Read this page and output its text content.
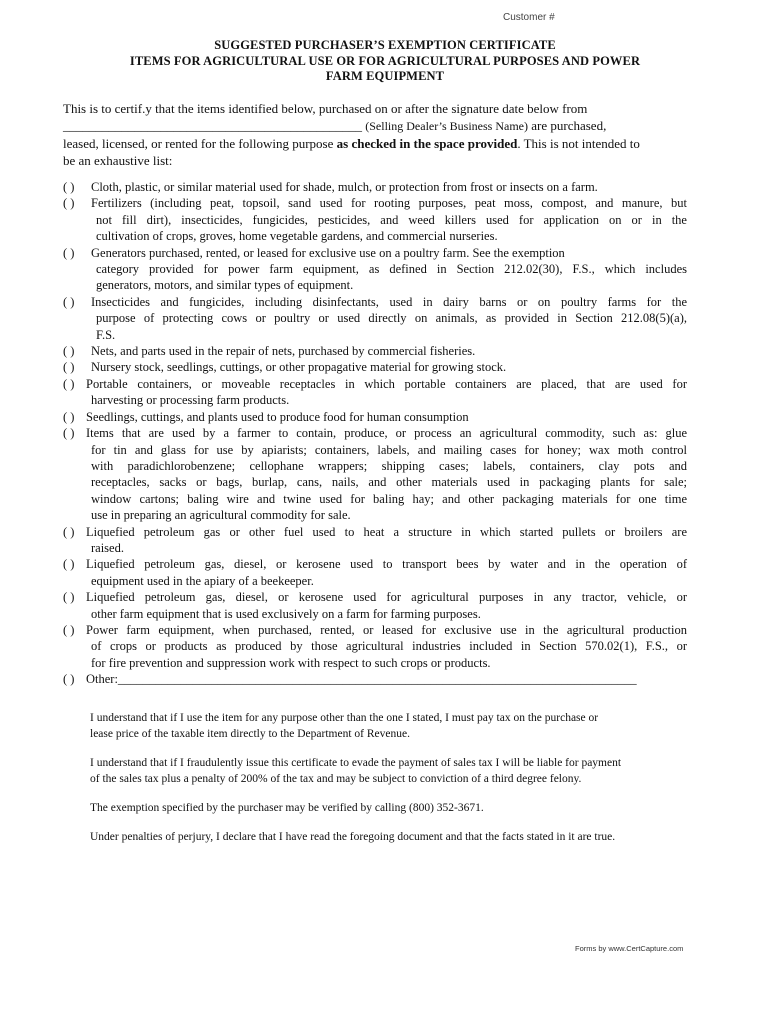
Customer #
SUGGESTED PURCHASER’S EXEMPTION CERTIFICATE
ITEMS FOR AGRICULTURAL USE OR FOR AGRICULTURAL PURPOSES AND POWER
FARM EQUIPMENT
This is to certif.y that the items identified below, purchased on or after the signature date below from
______________________________________________ (Selling Dealer’s Business Name) are purchased,
leased, licensed, or rented for the following purpose as checked in the space provided. This is not intended to
be an exhaustive list:
( )	Cloth, plastic, or similar material used for shade, mulch, or protection from frost or insects on a farm.
( )	Fertilizers (including peat, topsoil, sand used for rooting purposes, peat moss, compost, and manure, but
not fill dirt), insecticides, fungicides, pesticides, and weed killers used for application on or in the
cultivation of crops, groves, home vegetable gardens, and commercial nurseries.
( )	Generators purchased, rented, or leased for exclusive use on a poultry farm. See the exemption
category provided for power farm equipment, as defined in Section 212.02(30), F.S., which includes
generators, motors, and similar types of equipment.
( )	Insecticides and fungicides, including disinfectants, used in dairy barns or on poultry farms for the
purpose of protecting cows or poultry or used directly on animals, as provided in Section 212.08(5)(a),
F.S.
( )	Nets, and parts used in the repair of nets, purchased by commercial fisheries.
( )	Nursery stock, seedlings, cuttings, or other propagative material for growing stock.
( ) Portable containers, or moveable receptacles in which portable containers are placed, that are used for
harvesting or processing farm products.
( ) Seedlings, cuttings, and plants used to produce food for human consumption
( ) Items that are used by a farmer to contain, produce, or process an agricultural commodity, such as: glue
for tin and glass for use by apiarists; containers, labels, and mailing cases for honey; wax moth control
with paradichlorobenzene; cellophane wrappers; shipping cases; labels, containers, clay pots and
receptacles, sacks or bags, burlap, cans, nails, and other materials used in packaging plants for sale;
window cartons; baling wire and twine used for baling hay; and other packaging materials for one time
use in preparing an agricultural commodity for sale.
( ) Liquefied petroleum gas or other fuel used to heat a structure in which started pullets or broilers are
raised.
( ) Liquefied petroleum gas, diesel, or kerosene used to transport bees by water and in the operation of
equipment used in the apiary of a beekeeper.
( ) Liquefied petroleum gas, diesel, or kerosene used for agricultural purposes in any tractor, vehicle, or
other farm equipment that is used exclusively on a farm for farming purposes.
( ) Power farm equipment, when purchased, rented, or leased for exclusive use in the agricultural production
of crops or products as produced by those agricultural industries included in Section 570.02(1), F.S., or
for fire prevention and suppression work with respect to such crops or products.
( ) Other:___________________________________________________________________________________
I understand that if I use the item for any purpose other than the one I stated, I must pay tax on the purchase or
lease price of the taxable item directly to the Department of Revenue.
I understand that if I fraudulently issue this certificate to evade the payment of sales tax I will be liable for payment
of the sales tax plus a penalty of 200% of the tax and may be subject to conviction of a third degree felony.
The exemption specified by the purchaser may be verified by calling (800) 352-3671.
Under penalties of perjury, I declare that I have read the foregoing document and that the facts stated in it are true.
Forms by www.CertCapture.com
